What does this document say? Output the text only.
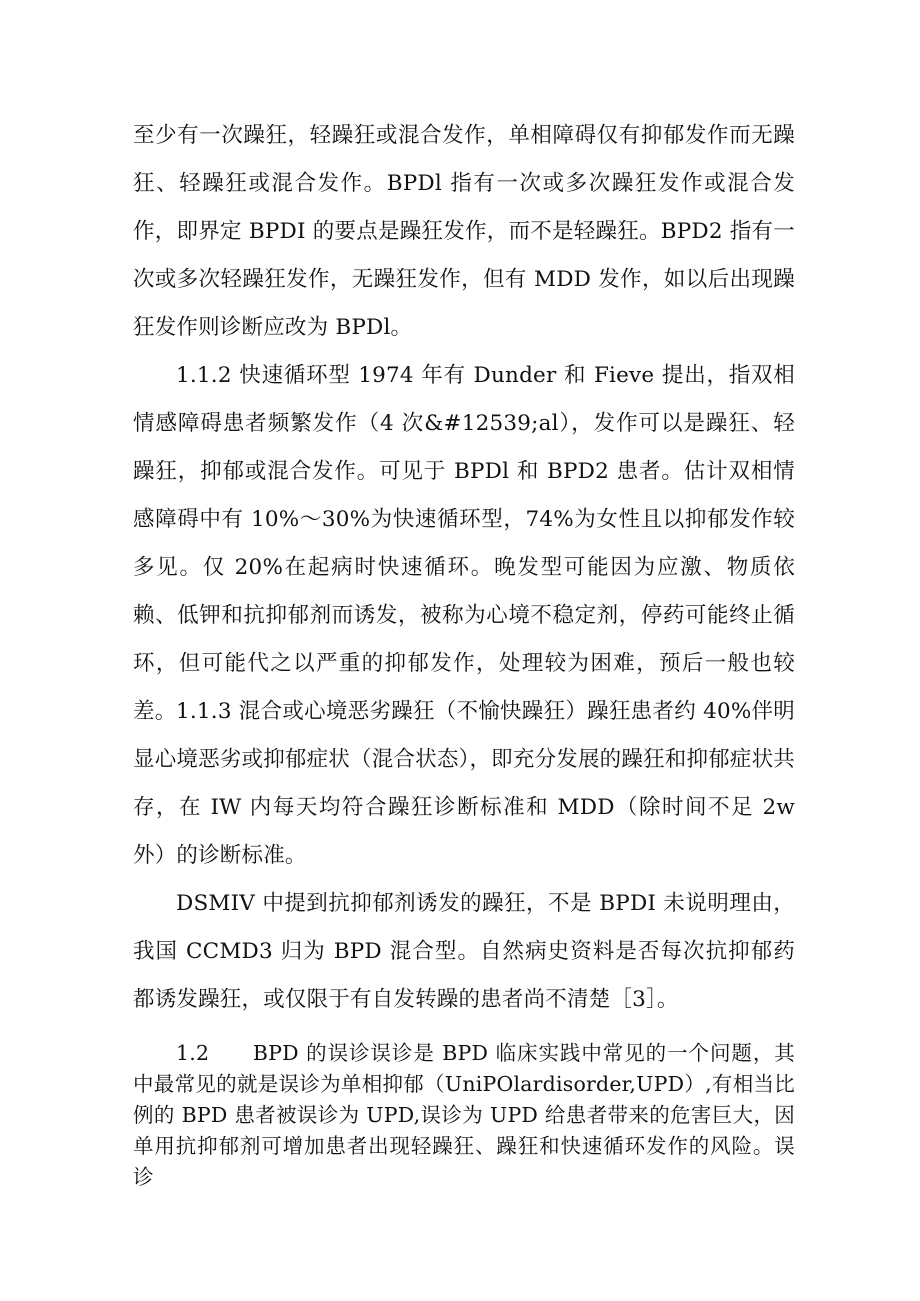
至少有一次躁狂，轻躁狂或混合发作，单相障碍仅有抑郁发作而无躁狂、轻躁狂或混合发作。BPDl 指有一次或多次躁狂发作或混合发作，即界定 BPDI 的要点是躁狂发作，而不是轻躁狂。BPD2 指有一次或多次轻躁狂发作，无躁狂发作，但有 MDD 发作，如以后出现躁狂发作则诊断应改为 BPDl。

1.1.2 快速循环型 1974 年有 Dunder 和 Fieve 提出，指双相情感障碍患者频繁发作（4 次&#12539;al），发作可以是躁狂、轻躁狂，抑郁或混合发作。可见于 BPDl 和 BPD2 患者。估计双相情感障碍中有 10%～30%为快速循环型，74%为女性且以抑郁发作较多见。仅 20%在起病时快速循环。晚发型可能因为应激、物质依赖、低钾和抗抑郁剂而诱发，被称为心境不稳定剂，停药可能终止循环，但可能代之以严重的抑郁发作，处理较为困难，预后一般也较差。 1.1.3 混合或心境恶劣躁狂（不愉快躁狂）躁狂患者约 40%伴明显心境恶劣或抑郁症状（混合状态），即充分发展的躁狂和抑郁症状共存，在 IW 内每天均符合躁狂诊断标准和 MDD（除时间不足 2w 外）的诊断标准。

DSMIV 中提到抗抑郁剂诱发的躁狂，不是 BPDI 未说明理由，我国 CCMD3 归为 BPD 混合型。自然病史资料是否每次抗抑郁药都诱发躁狂，或仅限于有自发转躁的患者尚不清楚［3］。

1.2　　BPD 的误诊误诊是 BPD 临床实践中常见的一个问题，其中最常见的就是误诊为单相抑郁（UniPOlardisorder,UPD）,有相当比例的 BPD 患者被误诊为 UPD,误诊为 UPD 给患者带来的危害巨大，因单用抗抑郁剂可增加患者出现轻躁狂、躁狂和快速循环发作的风险。误诊
